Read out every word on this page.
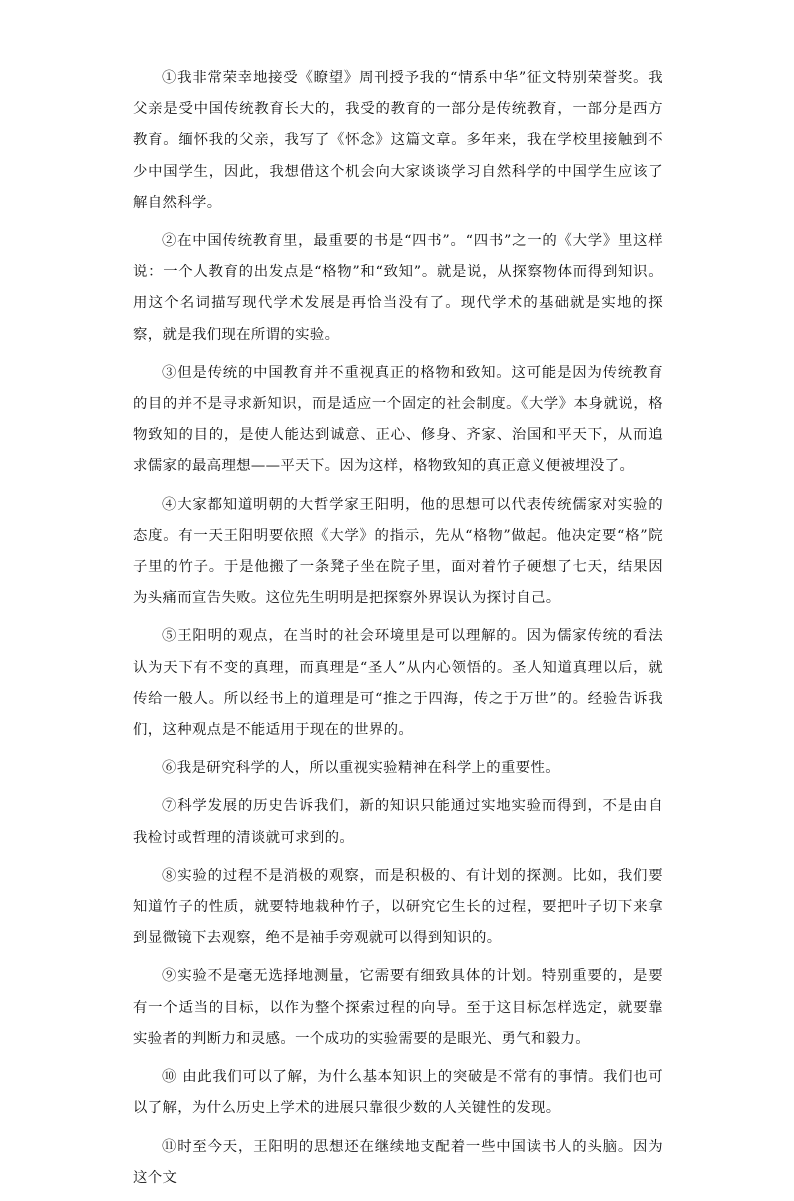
①我非常荣幸地接受《瞭望》周刊授予我的“情系中华”征文特别荣誉奖。我父亲是受中国传统教育长大的，我受的教育的一部分是传统教育，一部分是西方教育。缅怀我的父亲，我写了《怀念》这篇文章。多年来，我在学校里接触到不少中国学生，因此，我想借这个机会向大家谈谈学习自然科学的中国学生应该了解自然科学。

②在中国传统教育里，最重要的书是“四书”。“四书”之一的《大学》里这样说：一个人教育的出发点是“格物”和“致知”。就是说，从探察物体而得到知识。用这个名词描写现代学术发展是再恰当没有了。现代学术的基础就是实地的探察，就是我们现在所谓的实验。

③但是传统的中国教育并不重视真正的格物和致知。这可能是因为传统教育的目的并不是寻求新知识，而是适应一个固定的社会制度。《大学》本身就说，格物致知的目的，是使人能达到诚意、正心、修身、齐家、治国和平天下，从而追求儒家的最高理想——平天下。因为这样，格物致知的真正意义便被埋没了。

④大家都知道明朝的大哲学家王阳明，他的思想可以代表传统儒家对实验的态度。有一天王阳明要依照《大学》的指示，先从“格物”做起。他决定要“格”院子里的竹子。于是他搬了一条凳子坐在院子里，面对着竹子硬想了七天，结果因为头痛而宣告失败。这位先生明明是把探察外界误认为探讨自己。

⑤王阳明的观点，在当时的社会环境里是可以理解的。因为儒家传统的看法认为天下有不变的真理，而真理是“圣人”从内心领悟的。圣人知道真理以后，就传给一般人。所以经书上的道理是可“推之于四海，传之于万世”的。经验告诉我们，这种观点是不能适用于现在的世界的。

⑥我是研究科学的人，所以重视实验精神在科学上的重要性。

⑦科学发展的历史告诉我们，新的知识只能通过实地实验而得到，不是由自我检讨或哲理的清谈就可求到的。

⑧实验的过程不是消极的观察，而是积极的、有计划的探测。比如，我们要知道竹子的性质，就要特地栽种竹子，以研究它生长的过程，要把叶子切下来拿到显微镜下去观察，绝不是袖手旁观就可以得到知识的。

⑨实验不是毫无选择地测量，它需要有细致具体的计划。特别重要的，是要有一个适当的目标，以作为整个探索过程的向导。至于这目标怎样选定，就要靠实验者的判断力和灵感。一个成功的实验需要的是眼光、勇气和毅力。

⑩ 由此我们可以了解，为什么基本知识上的突破是不常有的事情。我们也可以了解，为什么历史上学术的进展只靠很少数的人关键性的发现。

⑪时至今天，王阳明的思想还在继续地支配着一些中国读书人的头脑。因为这个文
